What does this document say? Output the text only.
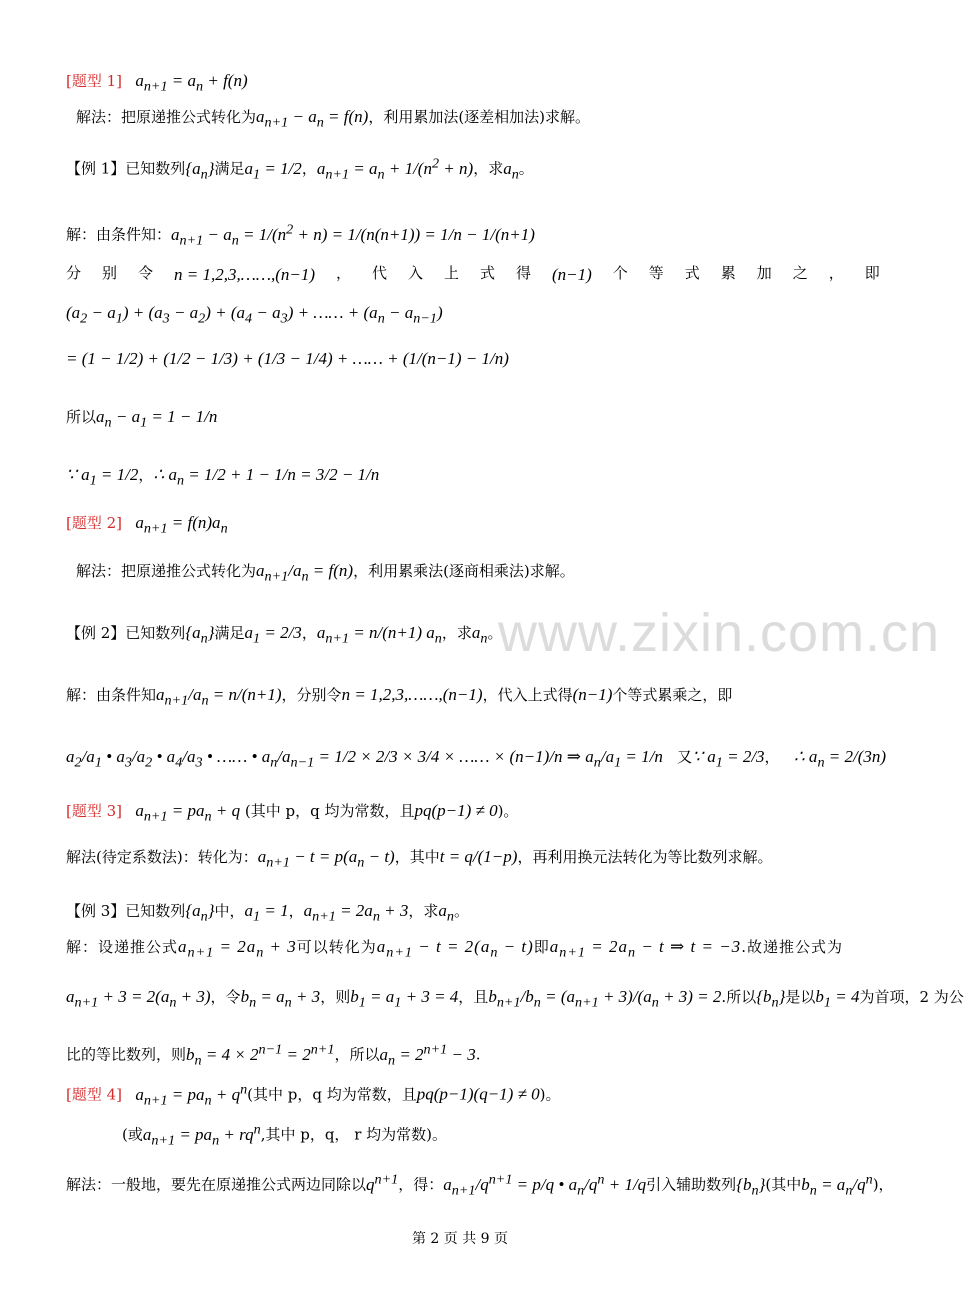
[题型 1]   $a_{n+1} = a_n + f(n)$
解法：把原递推公式转化为$a_{n+1} - a_n = f(n)$，利用累加法(逐差相加法)求解。
【例 1】已知数列$\{a_n\}$满足$a_1 = 1/2$，$a_{n+1} = a_n + 1/(n^2 + n)$，求$a_n$。
解：由条件知：$a_{n+1} - a_n = 1/(n^2 + n) = 1/(n(n+1)) = 1/n - 1/(n+1)$
分 别 令 n = 1,2,3,……,(n−1) ， 代 入 上 式 得 (n−1) 个 等 式 累 加 之 ， 即
$(a_2 - a_1) + (a_3 - a_2) + (a_4 - a_3)$ + …… + $(a_n - a_{n-1})$
= (1 − 1/2) + (1/2 − 1/3) + (1/3 − 1/4) + …… + (1/(n−1) − 1/n)
所以$a_n - a_1 = 1 - 1/n$
∵ $a_1 = 1/2$，∴ $a_n = 1/2 + 1 - 1/n = 3/2 - 1/n$
[题型 2]   $a_{n+1} = f(n)a_n$
解法：把原递推公式转化为$a_{n+1}/a_n = f(n)$，利用累乘法(逐商相乘法)求解。
【例 2】已知数列$\{a_n\}$满足$a_1 = 2/3$，$a_{n+1} = n/(n+1)$ $a_n$，求$a_n$。
解：由条件知$a_{n+1}/a_n = n/(n+1)$，分别令n = 1,2,3,……,(n−1)，代入上式得(n−1)个等式累乘之，即
$a_2/a_1$ • $a_3/a_2$ • $a_4/a_3$ • …… • $a_n/a_{n-1} = 1/2 \times 2/3 \times 3/4$ × …… × (n−1)/n ⇒ $a_n/a_1 = 1/n$   又∵ $a_1 = 2/3$，   ∴ $a_n = 2/(3n)$
[题型 3]   $a_{n+1} = pa_n + q$ (其中 p，q 均为常数，且pq(p−1) ≠ 0)。
解法(待定系数法)：转化为：$a_{n+1} - t = p(a_n - t)$，其中t = q/(1−p)，再利用换元法转化为等比数列求解。
【例 3】已知数列$\{a_n\}$中，$a_1 = 1$，$a_{n+1} = 2a_n + 3$，求$a_n$。
解：设递推公式$a_{n+1} = 2a_n + 3$可以转化为$a_{n+1} - t = 2(a_n - t)$即$a_{n+1} = 2a_n - t$ ⇒ t = −3.故递推公式为
$a_{n+1} + 3 = 2(a_n + 3)$，令$b_n = a_n + 3$，则$b_1 = a_1 + 3 = 4$，且$b_{n+1}/b_n = (a_{n+1} + 3)/(a_n + 3) = 2$.所以$\{b_n\}$是以$b_1 = 4$为首项，2 为公
比的等比数列，则$b_n = 4 \times 2^{n-1} = 2^{n+1}$，所以$a_n = 2^{n+1} - 3$.
[题型 4]   $a_{n+1} = pa_n + q^n$(其中 p，q 均为常数，且pq(p−1)(q−1) ≠ 0)。
(或$a_{n+1} = pa_n + rq^n$,其中 p，q， r 均为常数)。
解法：一般地，要先在原递推公式两边同除以$q^{n+1}$，得：$a_{n+1}/q^{n+1} = p/q$ • $a_n/q^n + 1/q$引入辅助数列$\{b_n\}$(其中$b_n = a_n/q^n$)，
www.zixin.com.cn
第 2 页 共 9 页
